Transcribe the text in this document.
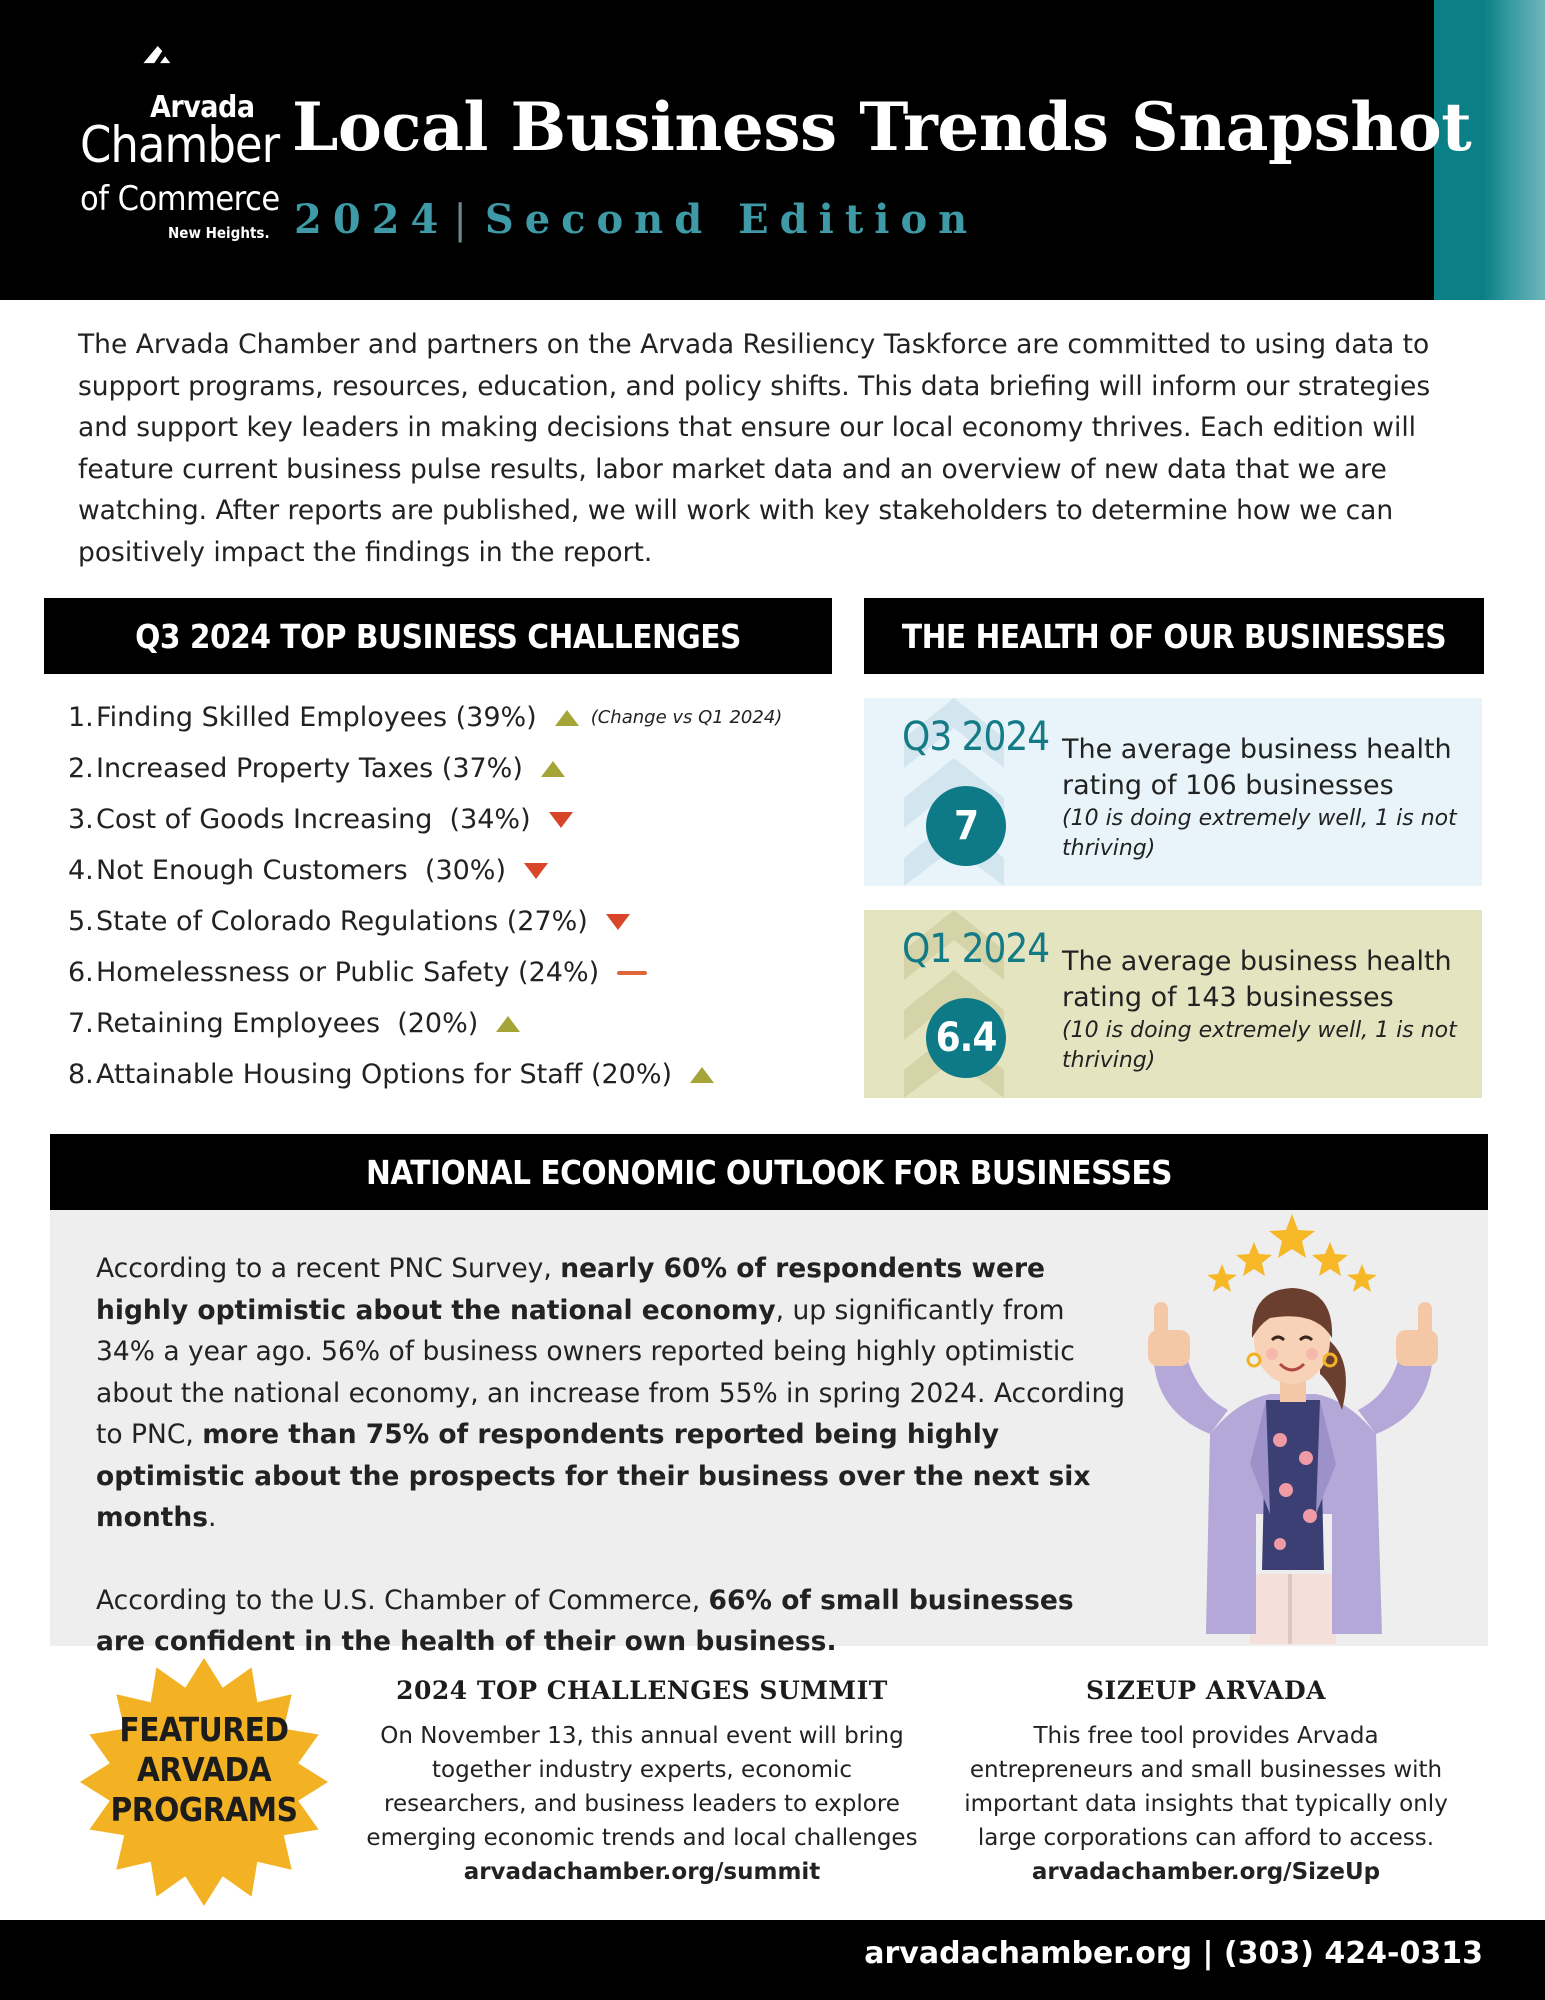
Arvada
Chamber
of Commerce
New Heights.
Local Business Trends Snapshot
2024 | Second Edition
The Arvada Chamber and partners on the Arvada Resiliency Taskforce are committed to using data to support programs, resources, education, and policy shifts. This data briefing will inform our strategies and support key leaders in making decisions that ensure our local economy thrives. Each edition will feature current business pulse results, labor market data and an overview of new data that we are watching. After reports are published, we will work with key stakeholders to determine how we can positively impact the findings in the report.
Q3 2024 TOP BUSINESS CHALLENGES
1. Finding Skilled Employees (39%)	(Change vs Q1 2024)
2. Increased Property Taxes (37%)
3. Cost of Goods Increasing  (34%)
4. Not Enough Customers  (30%)
5. State of Colorado Regulations (27%)
6. Homelessness or Public Safety (24%)
7. Retaining Employees  (20%)
8. Attainable Housing Options for Staff (20%)
THE HEALTH OF OUR BUSINESSES
Q3 2024
7
The average business health rating of 106 businesses
(10 is doing extremely well, 1 is not thriving)
Q1 2024
6.4
The average business health rating of 143 businesses
(10 is doing extremely well, 1 is not thriving)
NATIONAL ECONOMIC OUTLOOK FOR BUSINESSES

According to a recent PNC Survey, nearly 60% of respondents were highly optimistic about the national economy, up significantly from 34% a year ago. 56% of business owners reported being highly optimistic about the national economy, an increase from 55% in spring 2024. According to PNC, more than 75% of respondents reported being highly optimistic about the prospects for their business over the next six months.

According to the U.S. Chamber of Commerce, 66% of small businesses are confident in the health of their own business.

FEATURED
ARVADA
PROGRAMS
2024 TOP CHALLENGES SUMMIT
On November 13, this annual event will bring together industry experts, economic researchers, and business leaders to explore emerging economic trends and local challenges
arvadachamber.org/summit
SIZEUP ARVADA
This free tool provides Arvada entrepreneurs and small businesses with important data insights that typically only large corporations can afford to access.
arvadachamber.org/SizeUp
arvadachamber.org | (303) 424-0313
